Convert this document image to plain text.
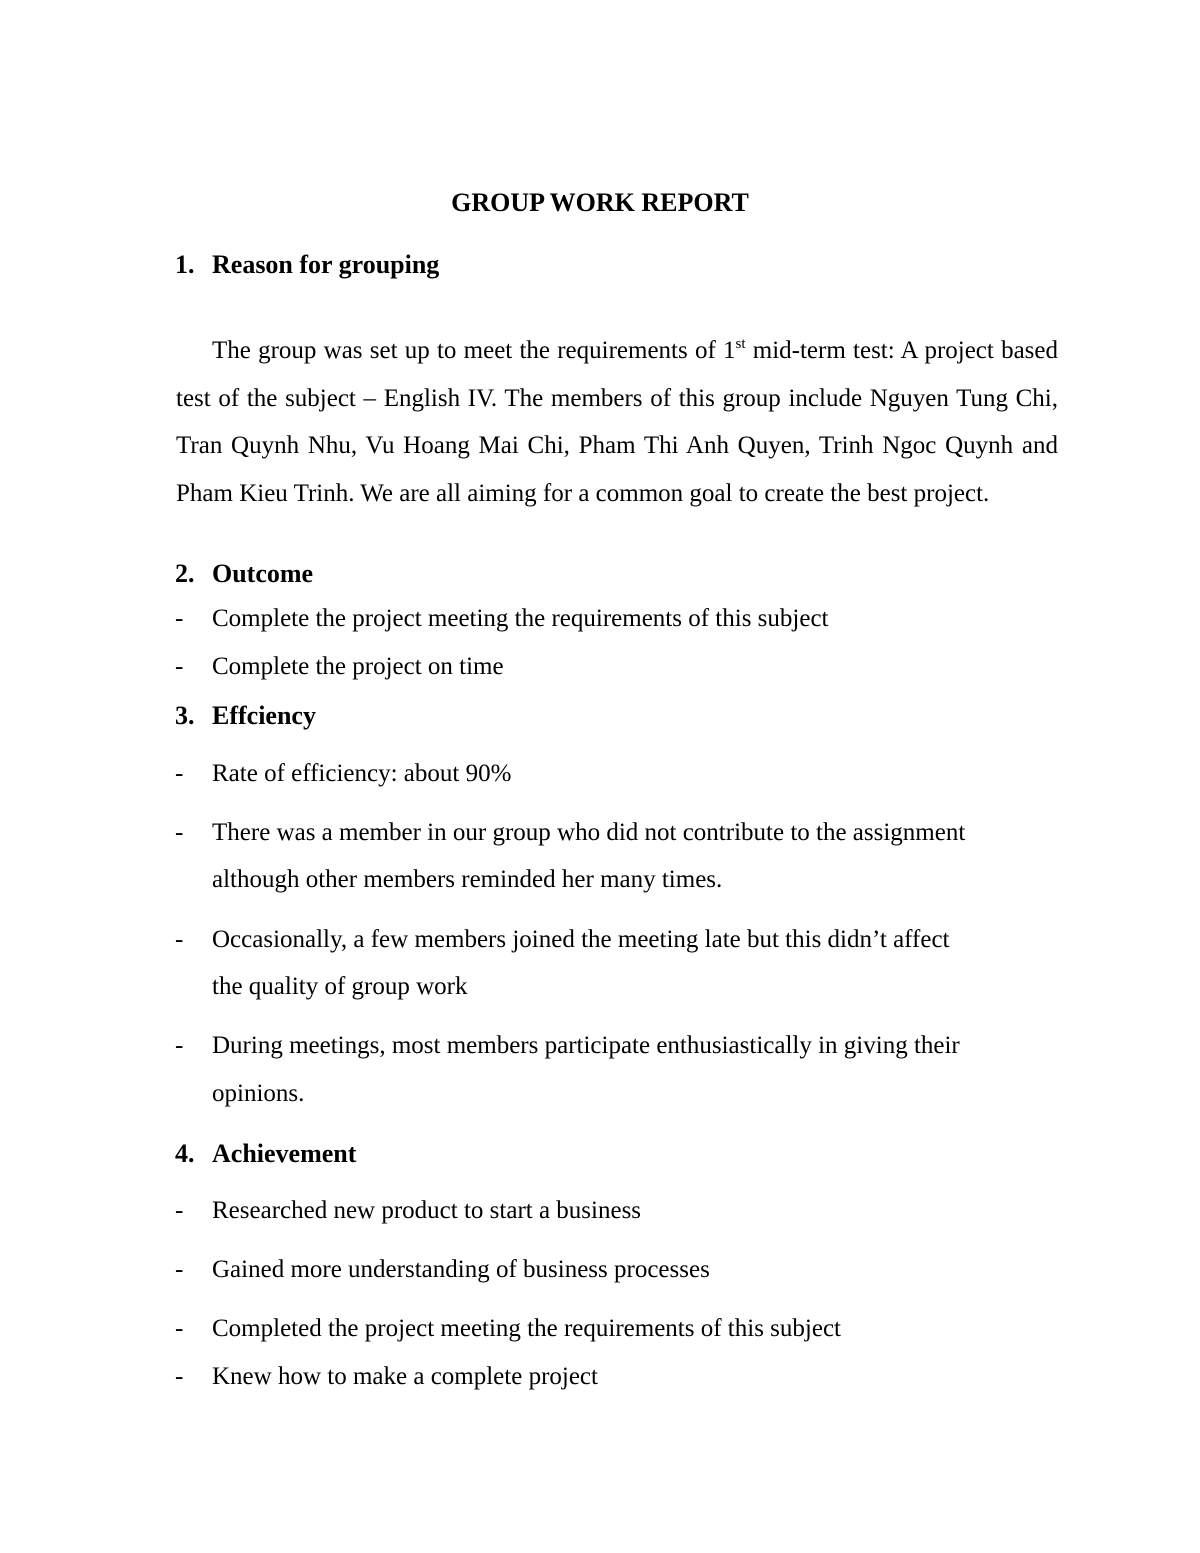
GROUP WORK REPORT
1. Reason for grouping

The group was set up to meet the requirements of 1st mid-term test: A project based test of the subject – English IV. The members of this group include Nguyen Tung Chi, Tran Quynh Nhu, Vu Hoang Mai Chi, Pham Thi Anh Quyen, Trinh Ngoc Quynh and Pham Kieu Trinh. We are all aiming for a common goal to create the best project.

2. Outcome
- Complete the project meeting the requirements of this subject
- Complete the project on time
3. Effciency
- Rate of efficiency: about 90%
- There was a member in our group who did not contribute to the assignment
although other members reminded her many times.
- Occasionally, a few members joined the meeting late but this didn’t affect
the quality of group work
- During meetings, most members participate enthusiastically in giving their
opinions.
4. Achievement
- Researched new product to start a business
- Gained more understanding of business processes
- Completed the project meeting the requirements of this subject
- Knew how to make a complete project
